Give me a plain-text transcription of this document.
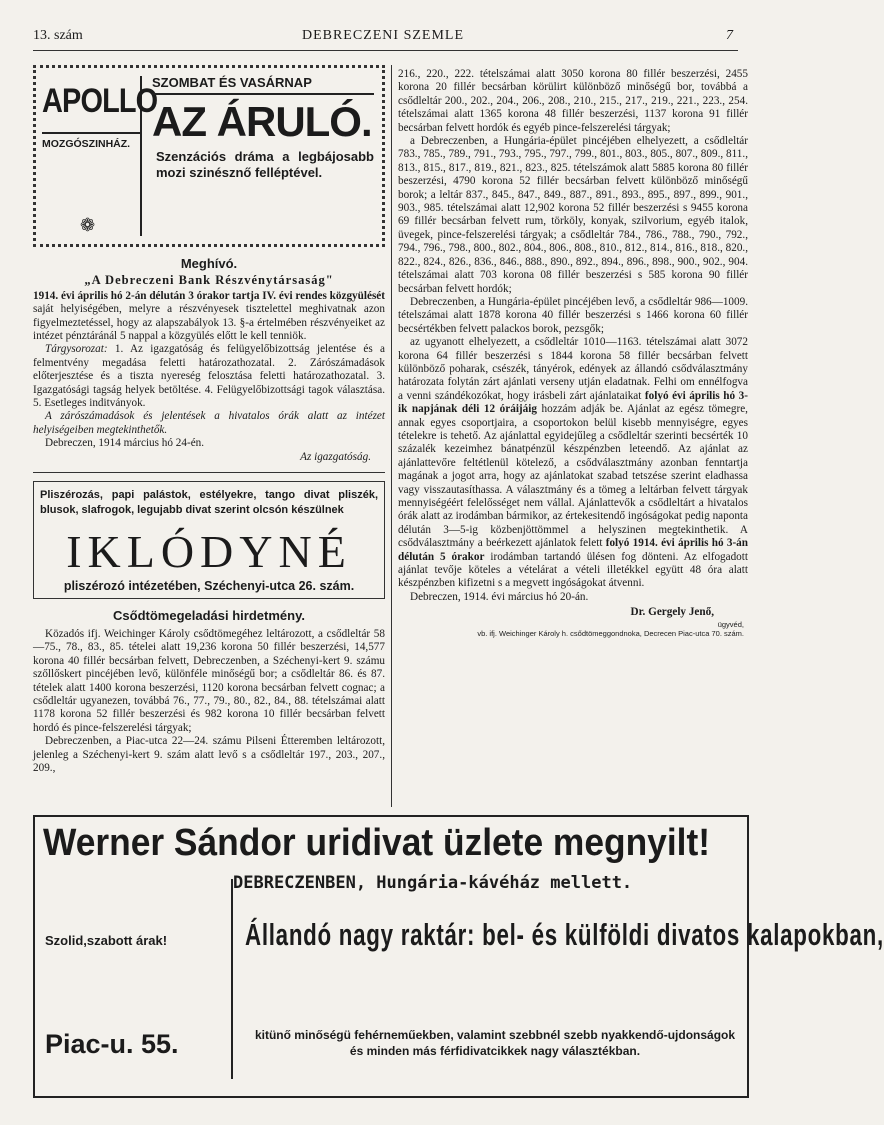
13. szám	DEBRECZENI SZEMLE	7
APOLLO
MOZGÓSZINHÁZ.
❁
SZOMBAT ÉS VASÁRNAP
AZ ÁRULÓ.
Szenzációs dráma a legbájosabb mozi szinésznő felléptével.
Meghívó.
„A Debreczeni Bank Részvénytársaság"

1914. évi április hó 2-án délután 3 órakor tartja IV. évi rendes közgyülését saját helyiségében, melyre a részvényesek tisztelettel meghivatnak azon figyelmeztetéssel, hogy az alapszabályok 13. §-a értelmében részvényeiket az intézet pénztáránál 5 nappal a közgyülés előtt le kell tenniök.

Tárgysorozat: 1. Az igazgatóság és felügyelőbizottság jelentése és a felmentvény megadása feletti határozathozatal. 2. Zárószámadások előterjesztése és a tiszta nyereség felosztása feletti határozathozatal. 3. Igazgatósági tagság helyek betöltése. 4. Felügyelőbizottsági tagok választása. 5. Esetleges inditványok.

A zárószámadások és jelentések a hivatalos órák alatt az intézet helyiségeiben megtekinthetők.

Debreczen, 1914 március hó 24-én.

Az igazgatóság.

Pliszérozás, papi palástok, estélyekre, tango divat pliszék, blusok, slafrogok, legujabb divat szerint olcsón készülnek
IKLÓDYNÉ
pliszérozó intézetében, Széchenyi-utca 26. szám.
Csődtömegeladási hirdetmény.

Közadós ifj. Weichinger Károly csődtömegéhez leltározott, a csődleltár 58—75., 78., 83., 85. tételei alatt 19,236 korona 50 fillér beszerzési, 14,577 korona 40 fillér becsárban felvett, Debreczenben, a Széchenyi-kert 9. számu szőllőskert pincéjében levő, különféle minőségű bor; a csődleltár 86. és 87. tételek alatt 1400 korona beszerzési, 1120 korona becsárban felvett cognac; a csődleltár ugyanezen, továbbá 76., 77., 79., 80., 82., 84., 88. tételszámai alatt 1178 korona 52 fillér beszerzési és 982 korona 10 fillér becsárban felvett hordó és pince-felszerelési tárgyak;

Debreczenben, a Piac-utca 22—24. számu Pilseni Étteremben leltározott, jelenleg a Széchenyi-kert 9. szám alatt levő s a csődleltár 197., 203., 207., 209.,

216., 220., 222. tételszámai alatt 3050 korona 80 fillér beszerzési, 2455 korona 20 fillér becsárban körülirt különböző minőségű bor, továbbá a csődleltár 200., 202., 204., 206., 208., 210., 215., 217., 219., 221., 223., 254. tételszámai alatt 1365 korona 48 fillér beszerzési, 1137 korona 91 fillér becsárban felvett hordók és egyéb pince-felszerelési tárgyak;

a Debreczenben, a Hungária-épület pincéjében elhelyezett, a csődleltár 783., 785., 789., 791., 793., 795., 797., 799., 801., 803., 805., 807., 809., 811., 813., 815., 817., 819., 821., 823., 825. tételszámok alatt 5885 korona 80 fillér beszerzési, 4790 korona 52 fillér becsárban felvett különböző minőségű borok; a leltár 837., 845., 847., 849., 887., 891., 893., 895., 897., 899., 901., 903., 985. tételszámai alatt 12,902 korona 52 fillér beszerzési s 9455 korona 69 fillér becsárban felvett rum, törköly, konyak, szilvorium, egyéb italok, üvegek, pince-felszerelési tárgyak; a csődleltár 784., 786., 788., 790., 792., 794., 796., 798., 800., 802., 804., 806., 808., 810., 812., 814., 816., 818., 820., 822., 824., 826., 836., 846., 888., 890., 892., 894., 896., 898., 900., 902., 904. tételszámai alatt 703 korona 08 fillér beszerzési s 585 korona 90 fillér becsárban felvett hordók;

Debreczenben, a Hungária-épület pincéjében levő, a csődleltár 986—1009. tételszámai alatt 1878 korona 40 fillér beszerzési s 1466 korona 60 fillér becsértékben felvett palackos borok, pezsgők;

az ugyanott elhelyezett, a csődleltár 1010—1163. tételszámai alatt 3072 korona 64 fillér beszerzési s 1844 korona 58 fillér becsárban felvett különböző poharak, csészék, tányérok, edények az állandó csődválasztmány határozata folytán zárt ajánlati verseny utján eladatnak. Felhi om ennélfogva a venni szándékozókat, hogy irásbeli zárt ajánlataikat folyó évi április hó 3-ik napjának déli 12 óráijáig hozzám adják be. Ajánlat az egész tömegre, annak egyes csoportjaira, a csoportokon belül kisebb mennyiségre, egyes tételekre is tehető. Az ajánlattal egyidejűleg a csődleltár szerinti becsérték 10 százalék kezeimhez bánatpénzül készpénzben leteendő. Az ajánlat az ajánlattevőre feltétlenül kötelező, a csődválasztmány azonban fenntartja magának a jogot arra, hogy az ajánlatokat szabad tetszése szerint eladhassa vagy visszautasíthassa. A választmány és a tömeg a leltárban felvett tárgyak mennyiségéért felelősséget nem vállal. Ajánlattevők a csődleltárt a hivatalos órák alatt az irodámban bármikor, az értekesitendő ingóságokat pedig naponta délután 3—5-ig közbenjöttömmel a helyszinen megtekinthetik. A csődválasztmány a beérkezett ajánlatok felett folyó 1914. évi április hó 3-án délután 5 órakor irodámban tartandó ülésen fog dönteni. Az elfogadott ajánlat tevője köteles a vételárat a vételi illetékkel együtt 48 óra alatt készpénzben kifizetni s a megvett ingóságokat átvenni.

Debreczen, 1914. évi március hó 20-án.

Dr. Gergely Jenő,
ügyvéd,
vb. ifj. Weichinger Károly h. csődtömeggondnoka, Decrecen Piac-utca 70. szám.
Werner Sándor uridivat üzlete megnyilt!
DEBRECZENBEN, Hungária-kávéház mellett.
Szolid,szabott árak!
Piac-u. 55.
Állandó nagy raktár: bel- és külföldi divatos kalapokban,
kitünő minőségü fehérneműekben, valamint szebbnél szebb nyakkendő-ujdonságok és minden más férfidivatcikkek nagy választékban.
